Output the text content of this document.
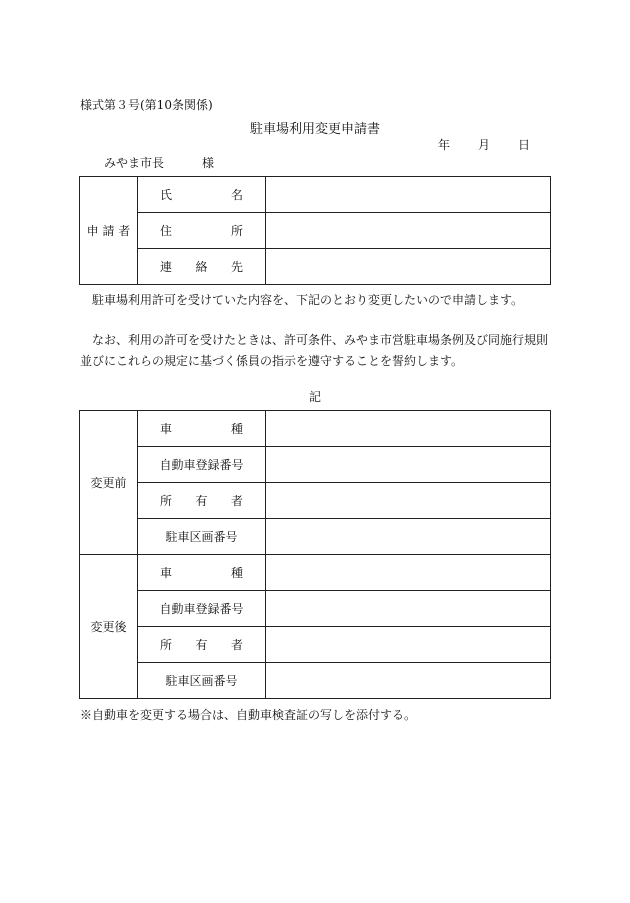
様式第３号(第10条関係)
駐車場利用変更申請書
年 月 日
みやま市長	様
申 請 者	氏 名	

	住 所	

	連 絡 先	

駐車場利用許可を受けていた内容を、下記のとおり変更したいので申請します。
なお、利用の許可を受けたときは、許可条件、みやま市営駐車場条例及び同施行規則並びにこれらの規定に基づく係員の指示を遵守することを誓約します。
記
変更前	車 種	

	自動車登録番号	

	所 有 者	

	駐車区画番号	
変更後	車 種	

	自動車登録番号	

	所 有 者	

	駐車区画番号	
※自動車を変更する場合は、自動車検査証の写しを添付する。
